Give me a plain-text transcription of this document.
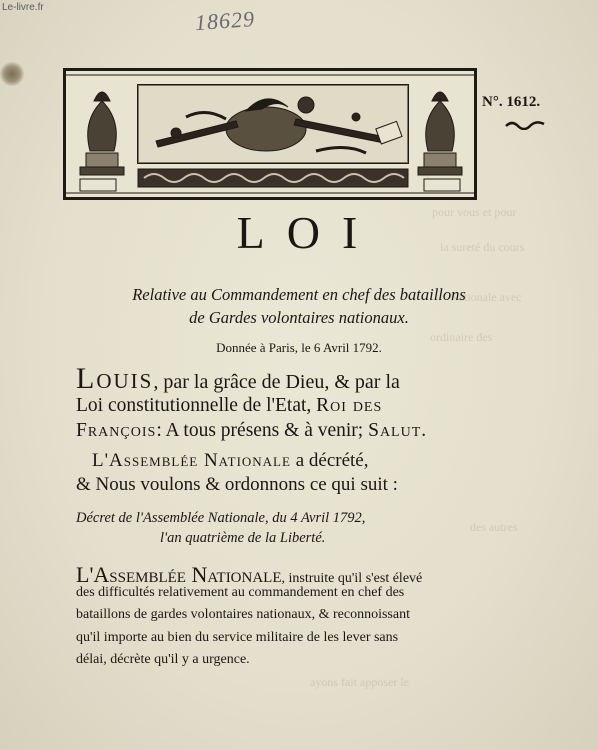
pour vous et pour
la sureté du cours
Nationale avec
ordinaire des
des autres
ayons fait apposer le
Le-livre.fr	18629
N°. 1612.
LOI
Relative au Commandement en chef des bataillons
de Gardes volontaires nationaux.
Donnée à Paris, le 6 Avril 1792.
Louis, par la grâce de Dieu, & par la
Loi constitutionnelle de l'Etat, Roi des
François: A tous présens & à venir; Salut.
L'Assemblée Nationale a décrété,
& Nous voulons & ordonnons ce qui suit :
Décret de l'Assemblée Nationale, du 4 Avril 1792,
l'an quatrième de la Liberté.
L'Assemblée Nationale, instruite qu'il s'est élevé
des difficultés relativement au commandement en chef des
bataillons de gardes volontaires nationaux, & reconnoissant
qu'il importe au bien du service militaire de les lever sans
délai, décrète qu'il y a urgence.
